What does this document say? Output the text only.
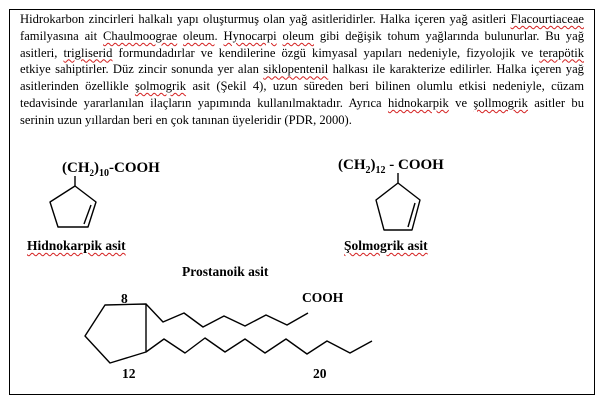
Hidrokarbon zincirleri halkalı yapı oluşturmuş olan yağ asitleridirler. Halka içeren yağ asitleri Flacourtiaceae familyasına ait Chaulmoograe oleum. Hynocarpi oleum gibi değişik tohum yağlarında bulunurlar. Bu yağ asitleri, trigliserid formundadırlar ve kendilerine özgü kimyasal yapıları nedeniyle, fizyolojik ve terapötik etkiye sahiptirler. Düz zincir sonunda yer alan siklopentenil halkası ile karakterize edilirler. Halka içeren yağ asitlerinden özellikle şolmogrik asit (Şekil 4), uzun süreden beri bilinen olumlu etkisi nedeniyle, cüzam tedavisinde yararlanılan ilaçların yapımında kullanılmaktadır. Ayrıca hidnokarpik ve şollmogrik asitler bu serinin uzun yıllardan beri en çok tanınan üyeleridir (PDR, 2000).
$(CH_2)_{10}$-COOH
Hidnokarpik asit
$(CH_2)_{12}$ - COOH
Şolmogrik asit
Prostanoik asit
8	COOH
12	20
